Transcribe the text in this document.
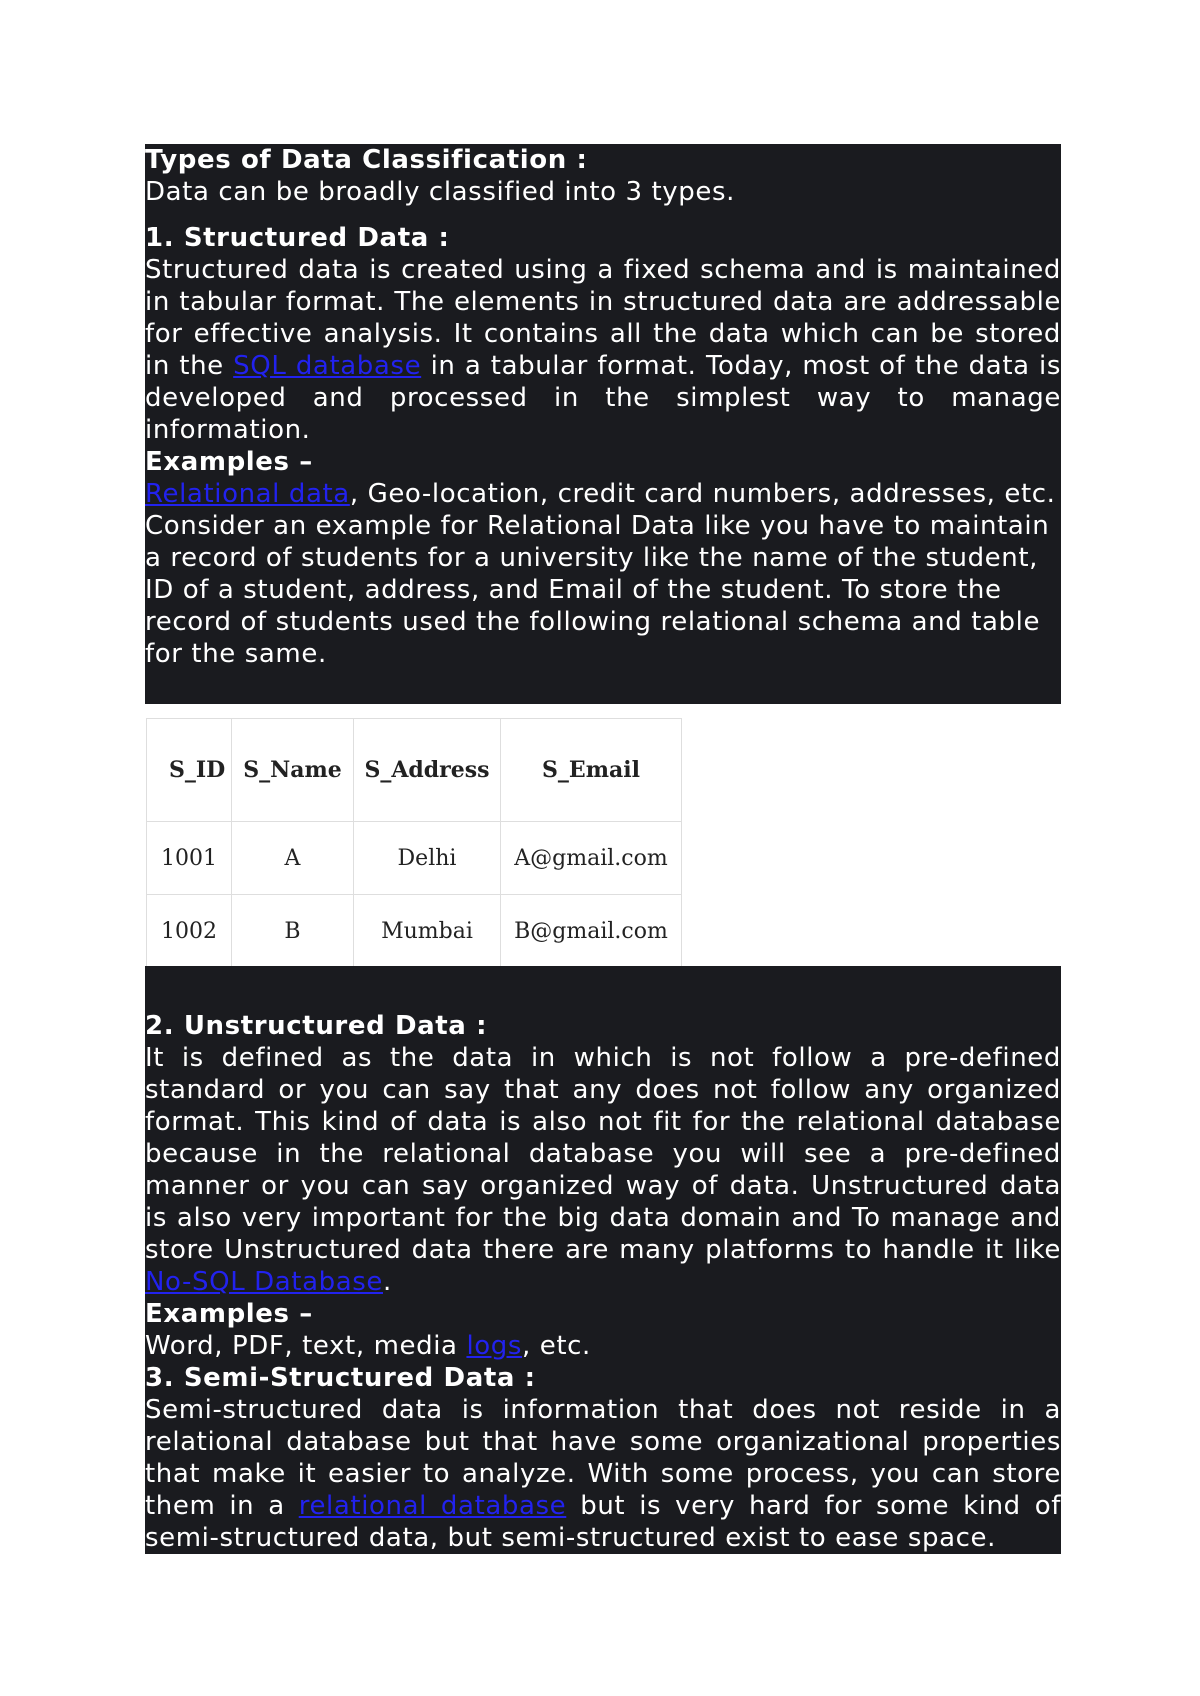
Types of Data Classification :

Data can be broadly classified into 3 types.

1. Structured Data :

Structured data is created using a fixed schema and is maintained in tabular format. The elements in structured data are addressable for effective analysis. It contains all the data which can be stored in the SQL database in a tabular format. Today, most of the data is developed and processed in the simplest way to manage information.

Examples –

Relational data, Geo-location, credit card numbers, addresses, etc.

Consider an example for Relational Data like you have to maintain a record of students for a university like the name of the student, ID of a student, address, and Email of the student. To store the record of students used the following relational schema and table for the same.

S_ID	S_Name	S_Address	S_Email
1001	A	Delhi	A@gmail.com
1002	B	Mumbai	B@gmail.com

2. Unstructured Data :

It is defined as the data in which is not follow a pre-defined standard or you can say that any does not follow any organized format. This kind of data is also not fit for the relational database because in the relational database you will see a pre-defined manner or you can say organized way of data. Unstructured data is also very important for the big data domain and To manage and store Unstructured data there are many platforms to handle it like No-SQL Database.

Examples –

Word, PDF, text, media logs, etc.

3. Semi-Structured Data :

Semi-structured data is information that does not reside in a relational database but that have some organizational properties that make it easier to analyze. With some process, you can store them in a relational database but is very hard for some kind of semi-structured data, but semi-structured exist to ease space.
